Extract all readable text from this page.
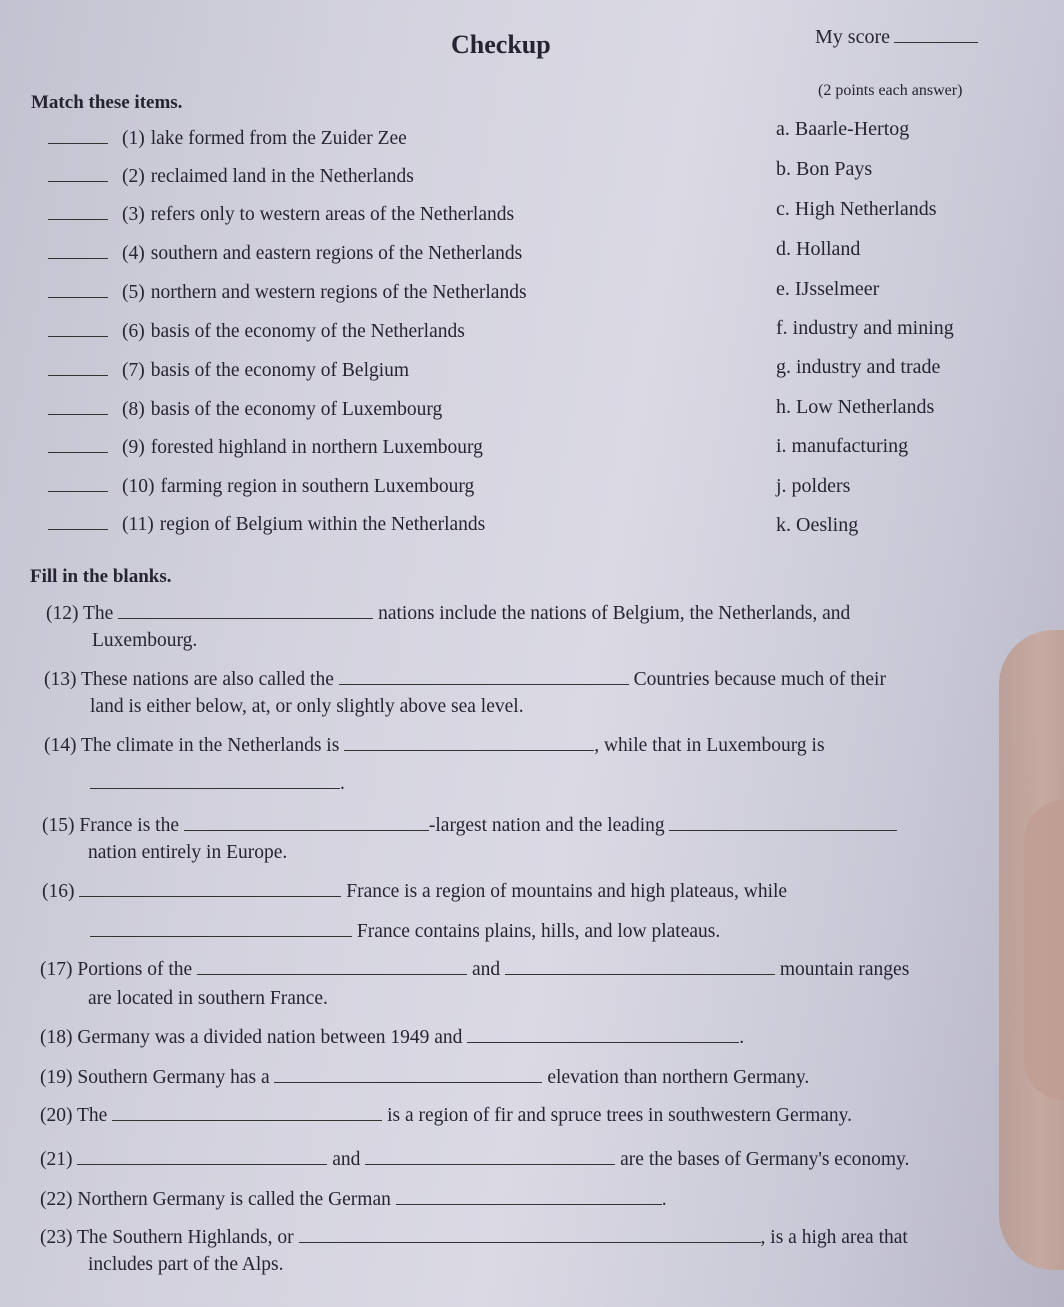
Checkup	My score
Match these items.
(2 points each answer)
(1) lake formed from the Zuider Zee
(2) reclaimed land in the Netherlands
(3) refers only to western areas of the Netherlands
(4) southern and eastern regions of the Netherlands
(5) northern and western regions of the Netherlands
(6) basis of the economy of the Netherlands
(7) basis of the economy of Belgium
(8) basis of the economy of Luxembourg
(9) forested highland in northern Luxembourg
(10) farming region in southern Luxembourg
(11) region of Belgium within the Netherlands
a. Baarle-Hertog
b. Bon Pays
c. High Netherlands
d. Holland
e. IJsselmeer
f. industry and mining
g. industry and trade
h. Low Netherlands
i. manufacturing
j. polders
k. Oesling
Fill in the blanks.
(12) The	nations include the nations of Belgium, the Netherlands, and
Luxembourg.
(13) These nations are also called the	Countries because much of their
land is either below, at, or only slightly above sea level.
(14) The climate in the Netherlands is	, while that in Luxembourg is
.
(15) France is the	-largest nation and the leading
nation entirely in Europe.
(16)	France is a region of mountains and high plateaus, while
France contains plains, hills, and low plateaus.
(17) Portions of the	and	mountain ranges
are located in southern France.
(18) Germany was a divided nation between 1949 and	.
(19) Southern Germany has a	elevation than northern Germany.
(20) The	is a region of fir and spruce trees in southwestern Germany.
(21)	and	are the bases of Germany's economy.
(22) Northern Germany is called the German	.
(23) The Southern Highlands, or	, is a high area that
includes part of the Alps.
